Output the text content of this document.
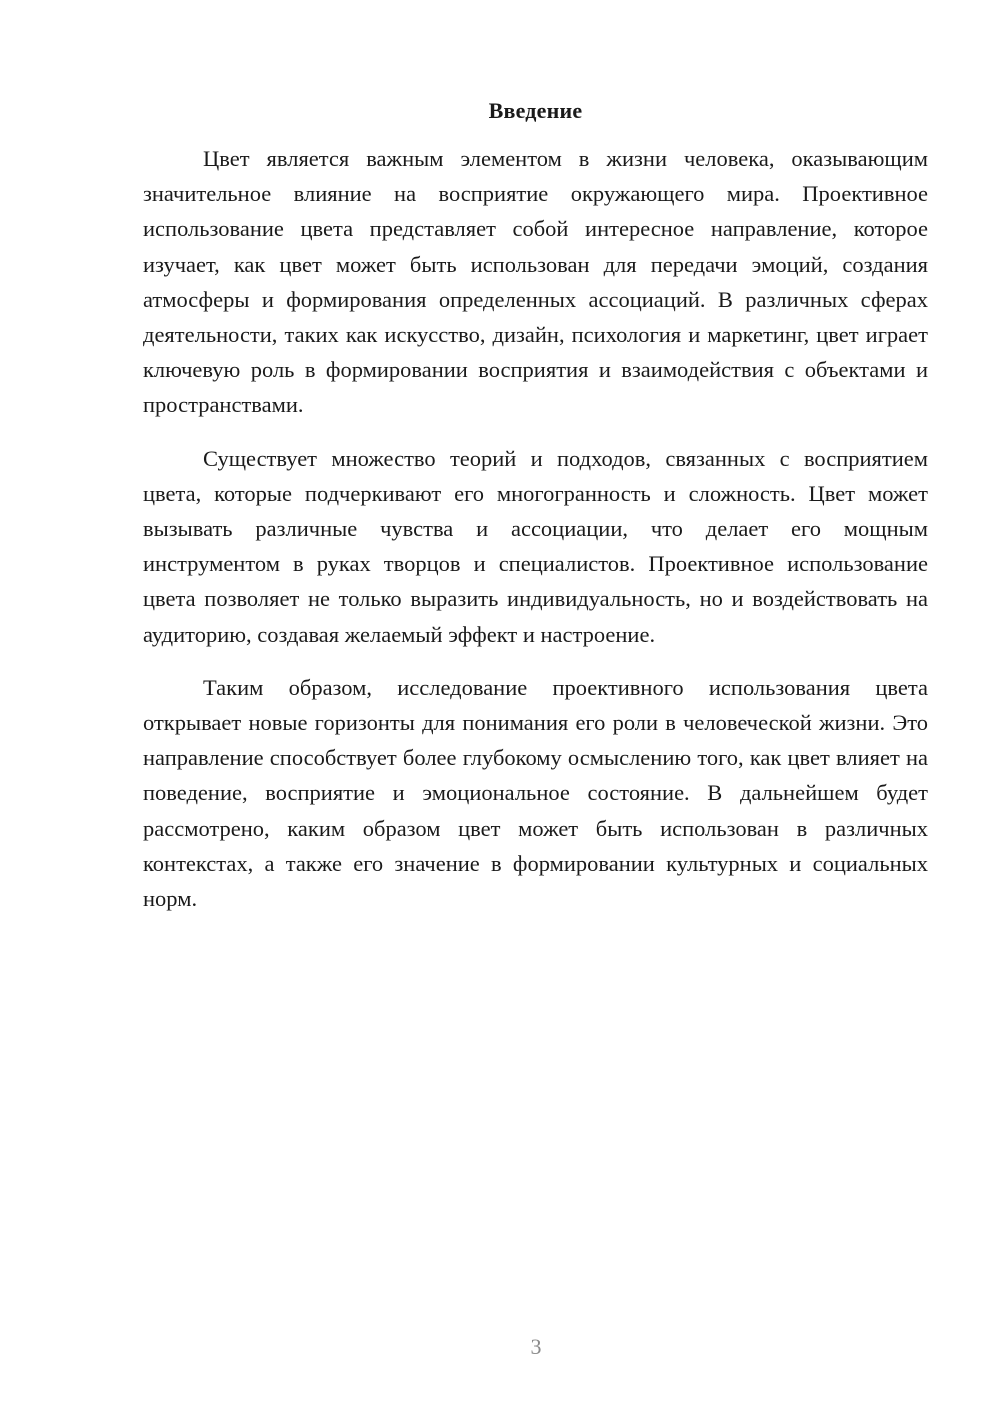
Введение

Цвет является важным элементом в жизни человека, оказывающим значительное влияние на восприятие окружающего мира. Проективное использование цвета представляет собой интересное направление, которое изучает, как цвет может быть использован для передачи эмоций, создания атмосферы и формирования определенных ассоциаций. В различных сферах деятельности, таких как искусство, дизайн, психология и маркетинг, цвет играет ключевую роль в формировании восприятия и взаимодействия с объектами и пространствами.

Существует множество теорий и подходов, связанных с восприятием цвета, которые подчеркивают его многогранность и сложность. Цвет может вызывать различные чувства и ассоциации, что делает его мощным инструментом в руках творцов и специалистов. Проективное использование цвета позволяет не только выразить индивидуальность, но и воздействовать на аудиторию, создавая желаемый эффект и настроение.

Таким образом, исследование проективного использования цвета открывает новые горизонты для понимания его роли в человеческой жизни. Это направление способствует более глубокому осмыслению того, как цвет влияет на поведение, восприятие и эмоциональное состояние. В дальнейшем будет рассмотрено, каким образом цвет может быть использован в различных контекстах, а также его значение в формировании культурных и социальных норм.

3
